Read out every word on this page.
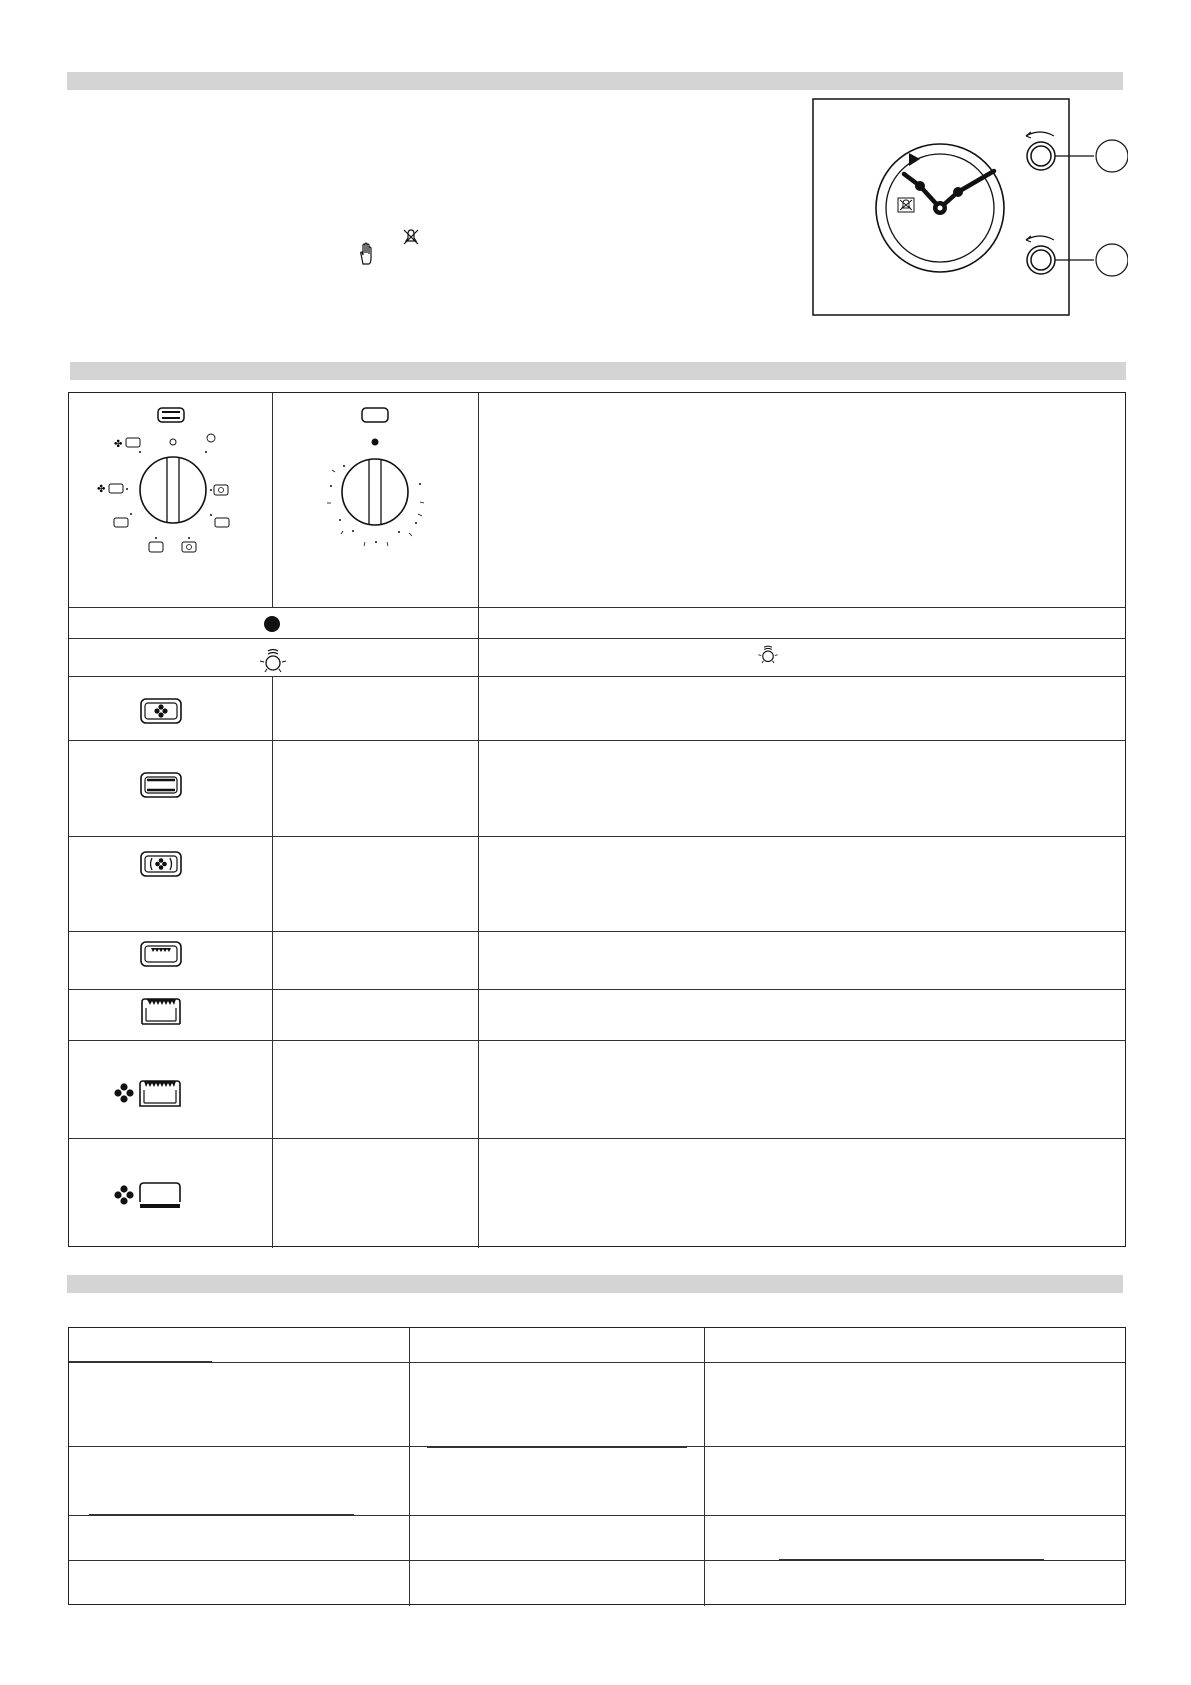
✤
✤
